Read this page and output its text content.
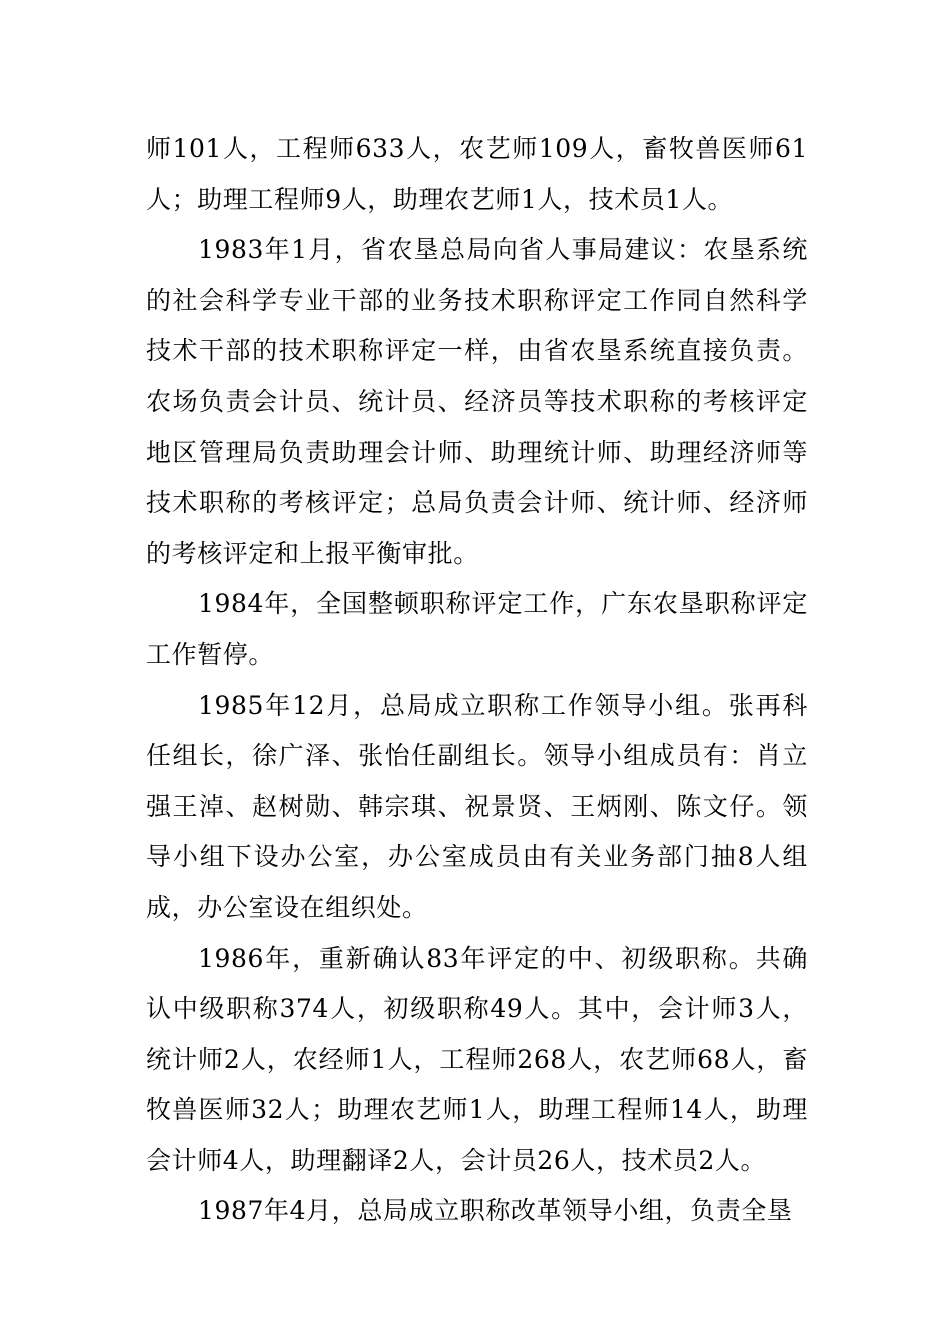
师101人，工程师633人，农艺师109人，畜牧兽医师61人；助理工程师9人，助理农艺师1人，技术员1人。

1983年1月，省农垦总局向省人事局建议：农垦系统的社会科学专业干部的业务技术职称评定工作同自然科学技术干部的技术职称评定一样，由省农垦系统直接负责。农场负责会计员、统计员、经济员等技术职称的考核评定地区管理局负责助理会计师、助理统计师、助理经济师等技术职称的考核评定；总局负责会计师、统计师、经济师的考核评定和上报平衡审批。

1984年，全国整顿职称评定工作，广东农垦职称评定工作暂停。

1985年12月，总局成立职称工作领导小组。张再科任组长，徐广泽、张怡任副组长。领导小组成员有：肖立强王淖、赵树勋、韩宗琪、祝景贤、王炳刚、陈文仔。领导小组下设办公室，办公室成员由有关业务部门抽8人组成，办公室设在组织处。

1986年，重新确认83年评定的中、初级职称。共确认中级职称374人，初级职称49人。其中，会计师3人，统计师2人，农经师1人，工程师268人，农艺师68人，畜牧兽医师32人；助理农艺师1人，助理工程师14人，助理会计师4人，助理翻译2人，会计员26人，技术员2人。

1987年4月，总局成立职称改革领导小组，负责全垦
